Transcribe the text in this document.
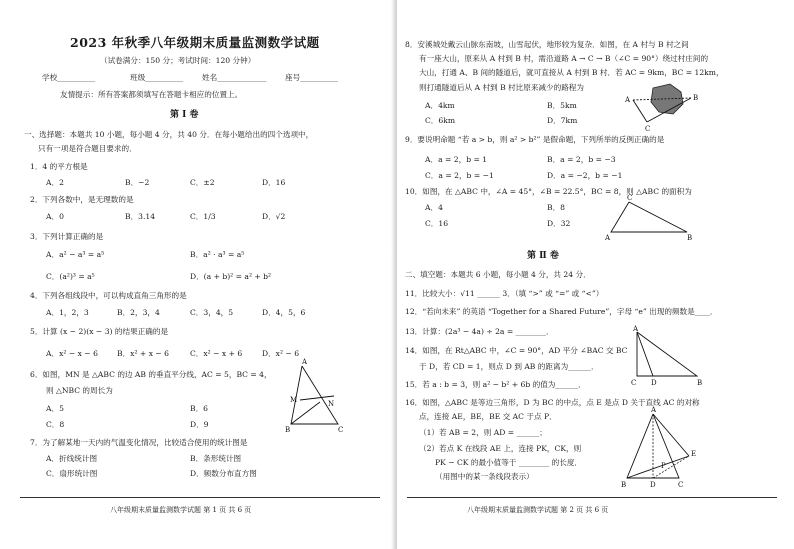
2023 年秋季八年级期末质量监测数学试题
（试卷满分：150 分；考试时间：120 分钟）
学校__________	班级__________ 姓名_____________ 座号__________
友情提示：所有答案都须填写在答题卡相应的位置上。
第 Ⅰ 卷
一、选择题：本题共 10 小题，每小题 4 分，共 40 分．在每小题给出的四个选项中，
只有一项是符合题目要求的．
1．4 的平方根是
A．2	B．−2	C．±2	D．16
2．下列各数中，是无理数的是
A．0	B．3.14	C．1/3	D．√2
3．下列计算正确的是
A．a² − a³ = a⁵	B．a² · a³ = a⁵
C．(a²)³ = a⁵	D．(a + b)² = a² + b²
4．下列各组线段中，可以构成直角三角形的是
A．1，2，3	B．2，3，4	C．3，4，5	D．4，5，6
5．计算 (x − 2)(x − 3) 的结果正确的是
A．x² − x − 6	B．x² + x − 6	C．x² − x + 6	D．x² − 6
6．如图，MN 是 △ABC 的边 AB 的垂直平分线，AC = 5，BC = 4，
则 △NBC 的周长为
A．5	B．6
C．8	D．9
A
B	C
M	N
7．为了解某地一天内的气温变化情况，比较适合使用的统计图是
A．折线统计图	B．条形统计图
C．扇形统计图	D．频数分布直方图
八年级期末质量监测数学试题 第 1 页 共 6 页
8．安溪城处戴云山脉东南坡，山雪起伏，地形较为复杂．如图，在 A 村与 B 村之间
有一座大山，原来从 A 村到 B 村，需沿道路 A → C → B（∠C = 90°）绕过村庄间的
大山，打通 A、B 间的隧道后，就可直接从 A 村到 B 村．若 AC = 9km，BC = 12km，
则打通隧道后从 A 村到 B 村比原来减少的路程为
A．4km	B．5km
C．6km	D．7km
A	B
C
9．要说明命题 “若 a > b，则 a² > b²” 是假命题，下列所举的反例正确的是
A．a = 2，b = 1	B．a = 2，b = −3
C．a = 2，b = −1	D．a = −2，b = −1
10．如图，在 △ABC 中，∠A = 45°，∠B = 22.5°，BC = 8，则 △ABC 的面积为
A．4	B．8
C．16	D．32
C
A	B
第 Ⅱ 卷
二、填空题：本题共 6 小题，每小题 4 分，共 24 分．
11．比较大小：√11 ______ 3．（填 “>” 或 “=” 或 “<”）
12．“若向未来” 的英语 “Together for a Shared Future”，字母 “e” 出现的频数是____．
13．计算：(2a³ − 4a) ÷ 2a = ________．
14．如图，在 Rt△ABC 中，∠C = 90°，AD 平分 ∠BAC 交 BC
于 D，若 CD = 1，则点 D 到 AB 的距离为______．
A
C D	B
15．若 a : b = 3，则 a² − b² + 6b 的值为______．
16．如图，△ABC 是等边三角形，D 为 BC 的中点，点 E 是点 D 关于直线 AC 的对称
点，连接 AE，BE，BE 交 AC 于点 P．
（1）若 AB = 2，则 AD = ______；
（2）若点 K 在线段 AE 上，连接 PK，CK，则
PK − CK 的最小值等于 ________ 的长度．
（用图中的某一条线段表示）
A
B	D	C
E
P
八年级期末质量监测数学试题 第 2 页 共 6 页
